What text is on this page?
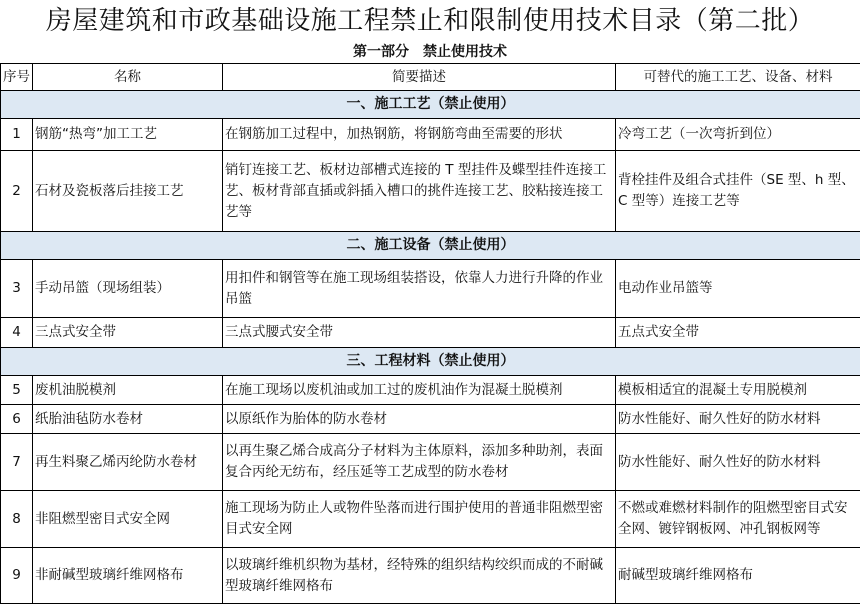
房屋建筑和市政基础设施工程禁止和限制使用技术目录（第二批）
第一部分　禁止使用技术
序号	名称	简要描述	可替代的施工工艺、设备、材料
一、施工工艺（禁止使用）			
1	钢筋“热弯”加工工艺	在钢筋加工过程中，加热钢筋，将钢筋弯曲至需要的形状	冷弯工艺（一次弯折到位）
2	石材及瓷板落后挂接工艺	销钉连接工艺、板材边部槽式连接的 T 型挂件及蝶型挂件连接工艺、板材背部直插或斜插入槽口的挑件连接工艺、胶粘接连接工艺等	背栓挂件及组合式挂件（SE 型、h 型、C 型等）连接工艺等
二、施工设备（禁止使用）			
3	手动吊篮（现场组装）	用扣件和钢管等在施工现场组装搭设，依靠人力进行升降的作业吊篮	电动作业吊篮等
4	三点式安全带	三点式腰式安全带	五点式安全带
三、工程材料（禁止使用）			
5	废机油脱模剂	在施工现场以废机油或加工过的废机油作为混凝土脱模剂	模板相适宜的混凝土专用脱模剂
6	纸胎油毡防水卷材	以原纸作为胎体的防水卷材	防水性能好、耐久性好的防水材料
7	再生料聚乙烯丙纶防水卷材	以再生聚乙烯合成高分子材料为主体原料，添加多种助剂，表面复合丙纶无纺布，经压延等工艺成型的防水卷材	防水性能好、耐久性好的防水材料
8	非阻燃型密目式安全网	施工现场为防止人或物件坠落而进行围护使用的普通非阻燃型密目式安全网	不燃或难燃材料制作的阻燃型密目式安全网、镀锌钢板网、冲孔钢板网等
9	非耐碱型玻璃纤维网格布	以玻璃纤维机织物为基材，经特殊的组织结构绞织而成的不耐碱型玻璃纤维网格布	耐碱型玻璃纤维网格布
